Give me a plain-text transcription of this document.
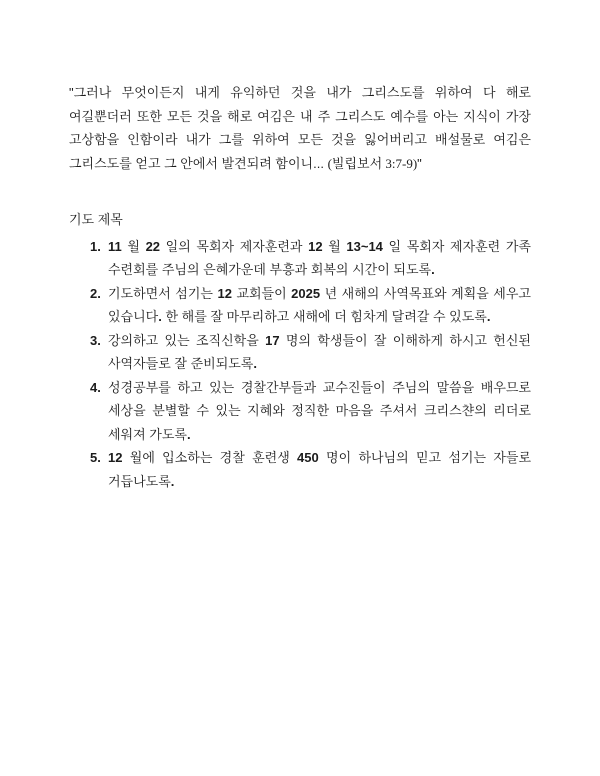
"그러나 무엇이든지 내게 유익하던 것을 내가 그리스도를 위하여 다 해로 여길뿐더러 또한 모든 것을 해로 여김은 내 주 그리스도 예수를 아는 지식이 가장 고상함을 인함이라 내가 그를 위하여 모든 것을 잃어버리고 배설물로 여김은 그리스도를 얻고 그 안에서 발견되려 함이니... (빌립보서 3:7-9)"

기도 제목

1. 11 월 22 일의 목회자 제자훈련과 12 월 13~14 일 목회자 제자훈련 가족 수련회를 주님의 은혜가운데 부흥과 회복의 시간이 되도록.
2. 기도하면서 섬기는 12 교회들이 2025 년 새해의 사역목표와 계획을 세우고 있습니다. 한 해를 잘 마무리하고 새해에 더 힘차게 달려갈 수 있도록.
3. 강의하고 있는 조직신학을 17 명의 학생들이 잘 이해하게 하시고 헌신된 사역자들로 잘 준비되도록.
4. 성경공부를 하고 있는 경찰간부들과 교수진들이 주님의 말씀을 배우므로 세상을 분별할 수 있는 지혜와 정직한 마음을 주셔서 크리스챤의 리더로 세워져 가도록.
5. 12 월에 입소하는 경찰 훈련생 450 명이 하나님의 믿고 섬기는 자들로 거듭나도록.
